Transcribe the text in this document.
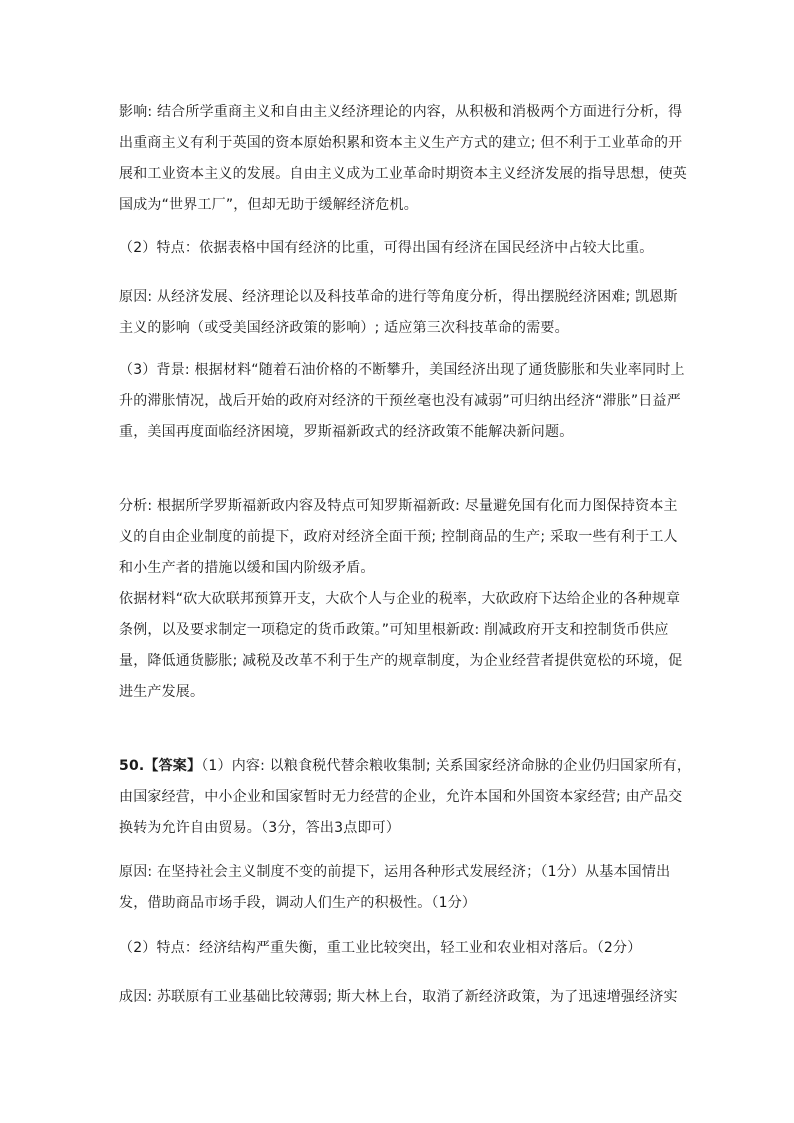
影响: 结合所学重商主义和自由主义经济理论的内容，从积极和消极两个方面进行分析，得
出重商主义有利于英国的资本原始积累和资本主义生产方式的建立; 但不利于工业革命的开
展和工业资本主义的发展。自由主义成为工业革命时期资本主义经济发展的指导思想，使英
国成为“世界工厂”，但却无助于缓解经济危机。
（2）特点：依据表格中国有经济的比重，可得出国有经济在国民经济中占较大比重。
原因: 从经济发展、经济理论以及科技革命的进行等角度分析，得出摆脱经济困难; 凯恩斯
主义的影响（或受美国经济政策的影响）; 适应第三次科技革命的需要。
（3）背景: 根据材料“随着石油价格的不断攀升，美国经济出现了通货膨胀和失业率同时上
升的滞胀情况，战后开始的政府对经济的干预丝毫也没有减弱”可归纳出经济“滞胀”日益严
重，美国再度面临经济困境，罗斯福新政式的经济政策不能解决新问题。
分析: 根据所学罗斯福新政内容及特点可知罗斯福新政: 尽量避免国有化而力图保持资本主
义的自由企业制度的前提下，政府对经济全面干预; 控制商品的生产; 采取一些有利于工人
和小生产者的措施以缓和国内阶级矛盾。
依据材料“砍大砍联邦预算开支，大砍个人与企业的税率，大砍政府下达给企业的各种规章
条例，以及要求制定一项稳定的货币政策。”可知里根新政: 削减政府开支和控制货币供应
量，降低通货膨胀; 减税及改革不利于生产的规章制度，为企业经营者提供宽松的环境，促
进生产发展。
50.【答案】（1）内容: 以粮食税代替余粮收集制; 关系国家经济命脉的企业仍归国家所有，
由国家经营，中小企业和国家暂时无力经营的企业，允许本国和外国资本家经营; 由产品交
换转为允许自由贸易。（3分，答出3点即可）
原因: 在坚持社会主义制度不变的前提下，运用各种形式发展经济；（1分）从基本国情出
发，借助商品市场手段，调动人们生产的积极性。（1分）
（2）特点：经济结构严重失衡，重工业比较突出，轻工业和农业相对落后。（2分）
成因: 苏联原有工业基础比较薄弱; 斯大林上台，取消了新经济政策，为了迅速增强经济实
